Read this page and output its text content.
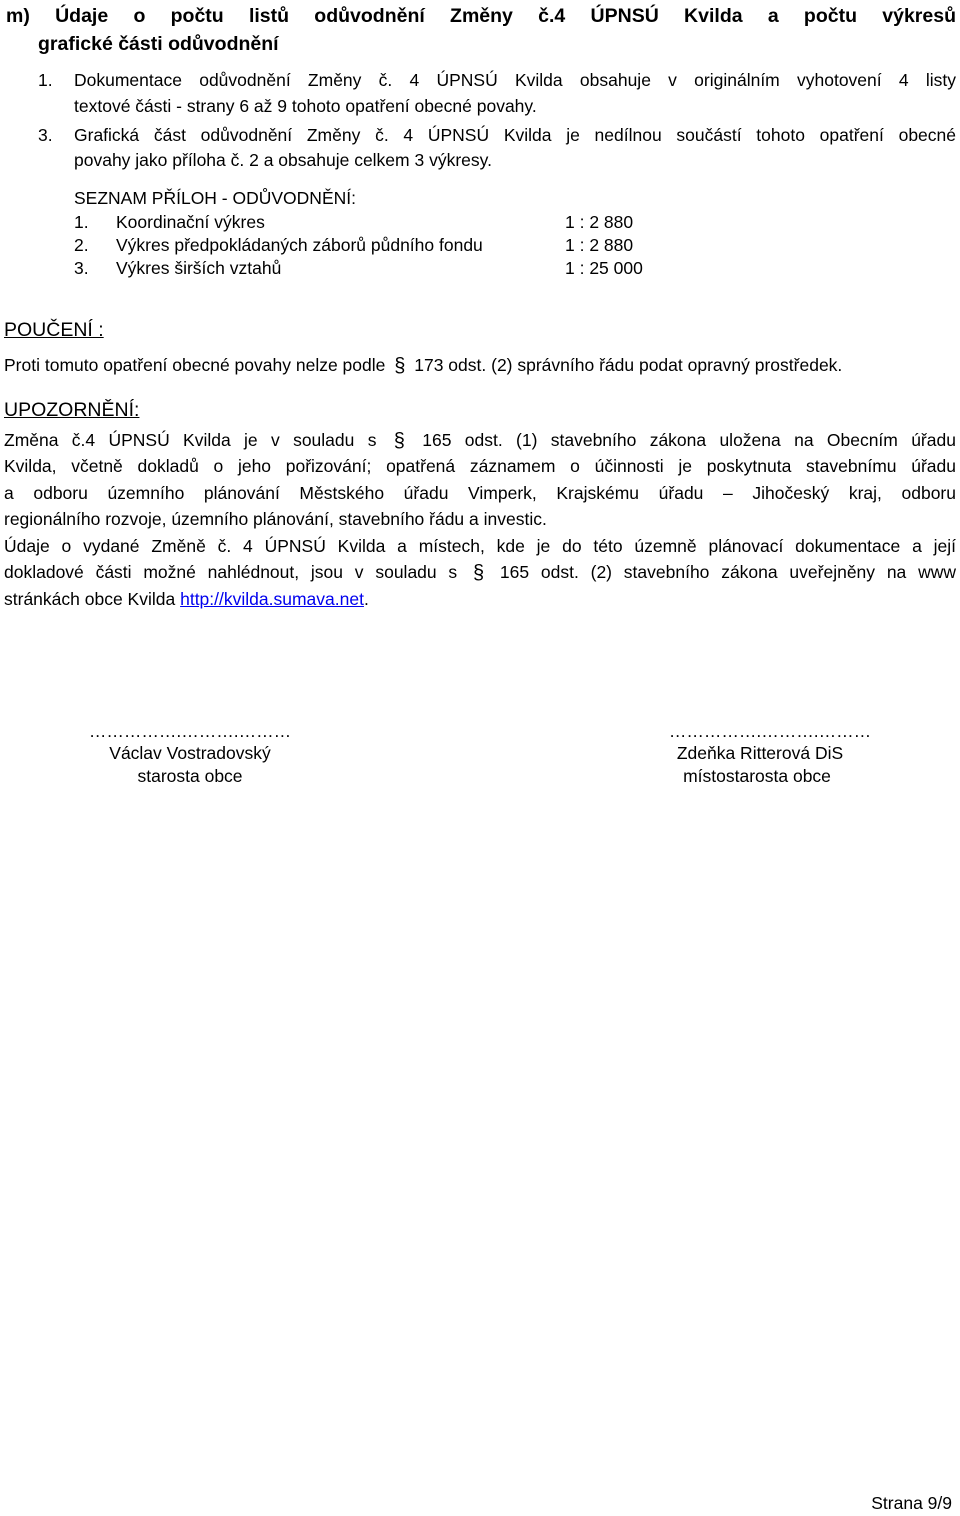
m) Údaje o počtu listů odůvodnění Změny č.4 ÚPNSÚ Kvilda a počtu výkresů
grafické části odůvodnění
1. Dokumentace odůvodnění Změny č. 4 ÚPNSÚ Kvilda obsahuje v originálním vyhotovení 4 listy
textové části - strany 6 až 9 tohoto opatření obecné povahy.
3. Grafická část odůvodnění Změny č. 4 ÚPNSÚ Kvilda je nedílnou součástí tohoto opatření obecné
povahy jako příloha č. 2 a obsahuje celkem 3 výkresy.
SEZNAM PŘÍLOH - ODŮVODNĚNÍ:
1. Koordinační výkres	1 : 2 880
2. Výkres předpokládaných záborů půdního fondu	1 : 2 880
3. Výkres širších vztahů	1 : 25 000
POUČENÍ :
Proti tomuto opatření obecné povahy nelze podle § 173 odst. (2) správního řádu podat opravný prostředek.
UPOZORNĚNÍ:
Změna č.4 ÚPNSÚ Kvilda je v souladu s § 165 odst. (1) stavebního zákona uložena na Obecním úřadu
Kvilda, včetně dokladů o jeho pořizování; opatřená záznamem o účinnosti je poskytnuta stavebnímu úřadu
a odboru územního plánování Městského úřadu Vimperk, Krajskému úřadu – Jihočeský kraj, odboru
regionálního rozvoje, územního plánování, stavebního řádu a investic.
Údaje o vydané Změně č. 4 ÚPNSÚ Kvilda a místech, kde je do této územně plánovací dokumentace a její
dokladové části možné nahlédnout, jsou v souladu s § 165 odst. (2) stavebního zákona uveřejněny na www
stránkách obce Kvilda http://kvilda.sumava.net.
…………….……….………
Václav Vostradovský
starosta obce
…………….……….………
Zdeňka Ritterová DiS
místostarosta obce
Strana 9/9
